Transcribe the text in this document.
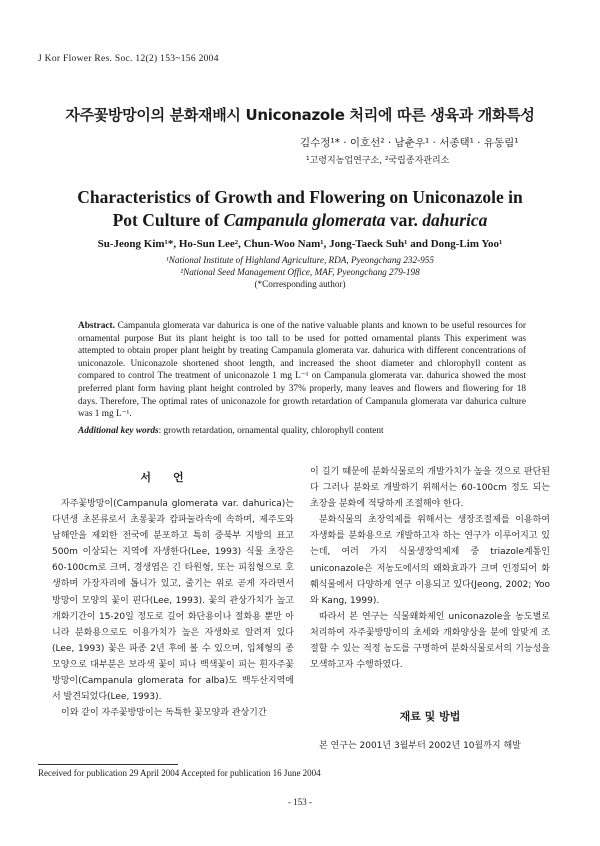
J Kor Flower Res. Soc. 12(2) 153~156 2004
자주꽃방망이의 분화재배시 Uniconazole 처리에 따른 생육과 개화특성
김수정¹* · 이호선² · 남춘우¹ · 서종택¹ · 유동림¹
¹고령지농업연구소, ²국립종자관리소
Characteristics of Growth and Flowering on Uniconazole in
Pot Culture of Campanula glomerata var. dahurica
Su-Jeong Kim¹*, Ho-Sun Lee², Chun-Woo Nam¹, Jong-Taeck Suh¹ and Dong-Lim Yoo¹
¹National Institute of Highland Agriculture, RDA, Pyeongchang 232-955
²National Seed Management Office, MAF, Pyeongchang 279-198
(*Corresponding author)
Abstract. Campanula glomerata var dahurica is one of the native valuable plants and known to be useful resources for ornamental purpose But its plant height is too tall to be used for potted ornamental plants This experiment was attempted to obtain proper plant height by treating Campanula glomerata var. dahurica with different concentrations of uniconazole. Uniconazole shortened shoot length, and increased the shoot diameter and chlorophyll content as compared to control The treatment of uniconazole 1 mg L⁻¹ on Campanula glomerata var. dahurica showed the most preferred plant form having plant height controled by 37% properly, many leaves and flowers and flowering for 18 days. Therefore, The optimal rates of uniconazole for growth retardation of Campanula glomerata var dahurica culture was 1 mg L⁻¹.
Additional key words: growth retardation, ornamental quality, chlorophyll content
서언

자주꽃방망이(Campanula glomerata var. dahurica)는 다년생 초본류로서 초롱꽃과 캄파눌라속에 속하며, 제주도와 남해안을 제외한 전국에 분포하고 특히 중북부 지방의 표고 500m 이상되는 지역에 자생한다(Lee, 1993) 식물 초장은 60-100cm로 크며, 경생엽은 긴 타원형, 또는 피침형으로 호생하며 가장자리에 톱니가 있고, 줄기는 위로 곧게 자라면서 방망이 모양의 꽃이 핀다(Lee, 1993). 꽃의 관상가치가 높고 개화기간이 15-20일 정도로 길어 화단용이나 절화용 뿐만 아니라 분화용으로도 이용가치가 높은 자생화로 알려져 있다(Lee, 1993) 꽃은 파종 2년 후에 볼 수 있으며, 입체형의 종모양으로 대부분은 보라색 꽃이 피나 백색꽃이 피는 흰자주꽃방망이(Campanula glomerata for alba)도 백두산지역에서 발견되었다(Lee, 1993).

이와 같이 자주꽃방망이는 독특한 꽃모양과 관상기간

이 길기 때문에 분화식물로의 개발가치가 높을 것으로 판단된다 그러나 분화로 개발하기 위해서는 60-100cm 정도 되는 초장을 분화에 적당하게 조절해야 한다.

분화식물의 초장억제를 위해서는 생장조절제를 이용하여 자생화를 분화용으로 개발하고자 하는 연구가 이루어지고 있는데, 여러 가지 식물생장억제제 중 triazole계통인 uniconazole은 저농도에서의 왜화효과가 크며 인정되어 화훼식물에서 다양하게 연구 이용되고 있다(Jeong, 2002; Yoo와 Kang, 1999).

따라서 본 연구는 식물왜화제인 uniconazole을 농도별로 처리하여 자주꽃방망이의 초세와 개화양상을 분에 알맞게 조절할 수 있는 적정 농도를 구명하여 분화식물로서의 기능성을 모색하고자 수행하였다.

재료 및 방법

본 연구는 2001년 3월부터 2002년 10월까지 해발

Received for publication 29 April 2004 Accepted for publication 16 June 2004
- 153 -
